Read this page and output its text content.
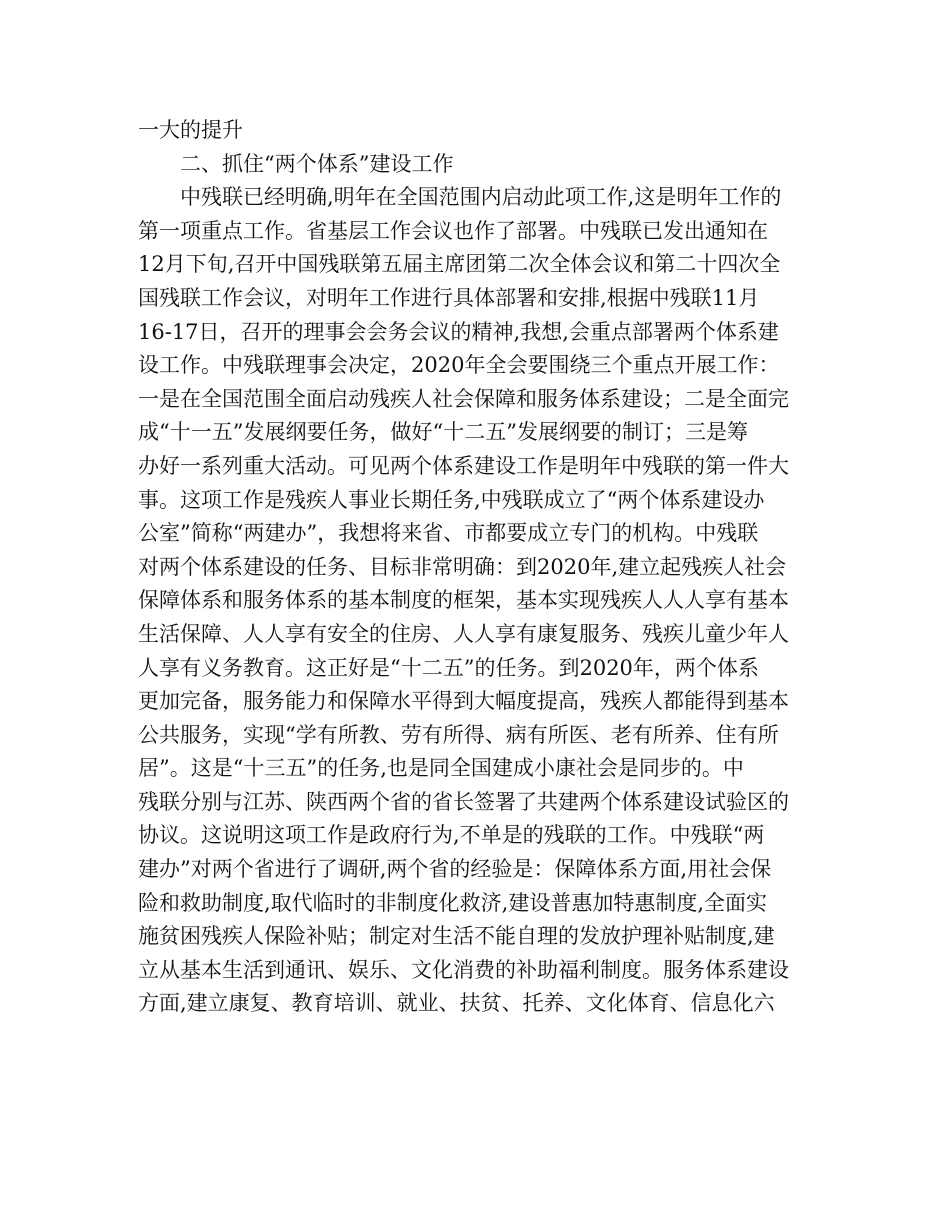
一大的提升
二、抓住“两个体系”建设工作
中残联已经明确,明年在全国范围内启动此项工作,这是明年工作的
第一项重点工作。省基层工作会议也作了部署。中残联已发出通知在
12月下旬,召开中国残联第五届主席团第二次全体会议和第二十四次全
国残联工作会议，对明年工作进行具体部署和安排,根据中残联11月
16-17日，召开的理事会会务会议的精神,我想,会重点部署两个体系建
设工作。中残联理事会决定，2020年全会要围绕三个重点开展工作：
一是在全国范围全面启动残疾人社会保障和服务体系建设；二是全面完
成“十一五”发展纲要任务，做好“十二五”发展纲要的制订；三是筹
办好一系列重大活动。可见两个体系建设工作是明年中残联的第一件大
事。这项工作是残疾人事业长期任务,中残联成立了“两个体系建设办
公室”简称“两建办”，我想将来省、市都要成立专门的机构。中残联
对两个体系建设的任务、目标非常明确：到2020年,建立起残疾人社会
保障体系和服务体系的基本制度的框架，基本实现残疾人人人享有基本
生活保障、人人享有安全的住房、人人享有康复服务、残疾儿童少年人
人享有义务教育。这正好是“十二五”的任务。到2020年，两个体系
更加完备，服务能力和保障水平得到大幅度提高，残疾人都能得到基本
公共服务，实现“学有所教、劳有所得、病有所医、老有所养、住有所
居”。这是“十三五”的任务,也是同全国建成小康社会是同步的。中
残联分别与江苏、陕西两个省的省长签署了共建两个体系建设试验区的
协议。这说明这项工作是政府行为,不单是的残联的工作。中残联“两
建办”对两个省进行了调研,两个省的经验是：保障体系方面,用社会保
险和救助制度,取代临时的非制度化救济,建设普惠加特惠制度,全面实
施贫困残疾人保险补贴；制定对生活不能自理的发放护理补贴制度,建
立从基本生活到通讯、娱乐、文化消费的补助福利制度。服务体系建设
方面,建立康复、教育培训、就业、扶贫、托养、文化体育、信息化六
